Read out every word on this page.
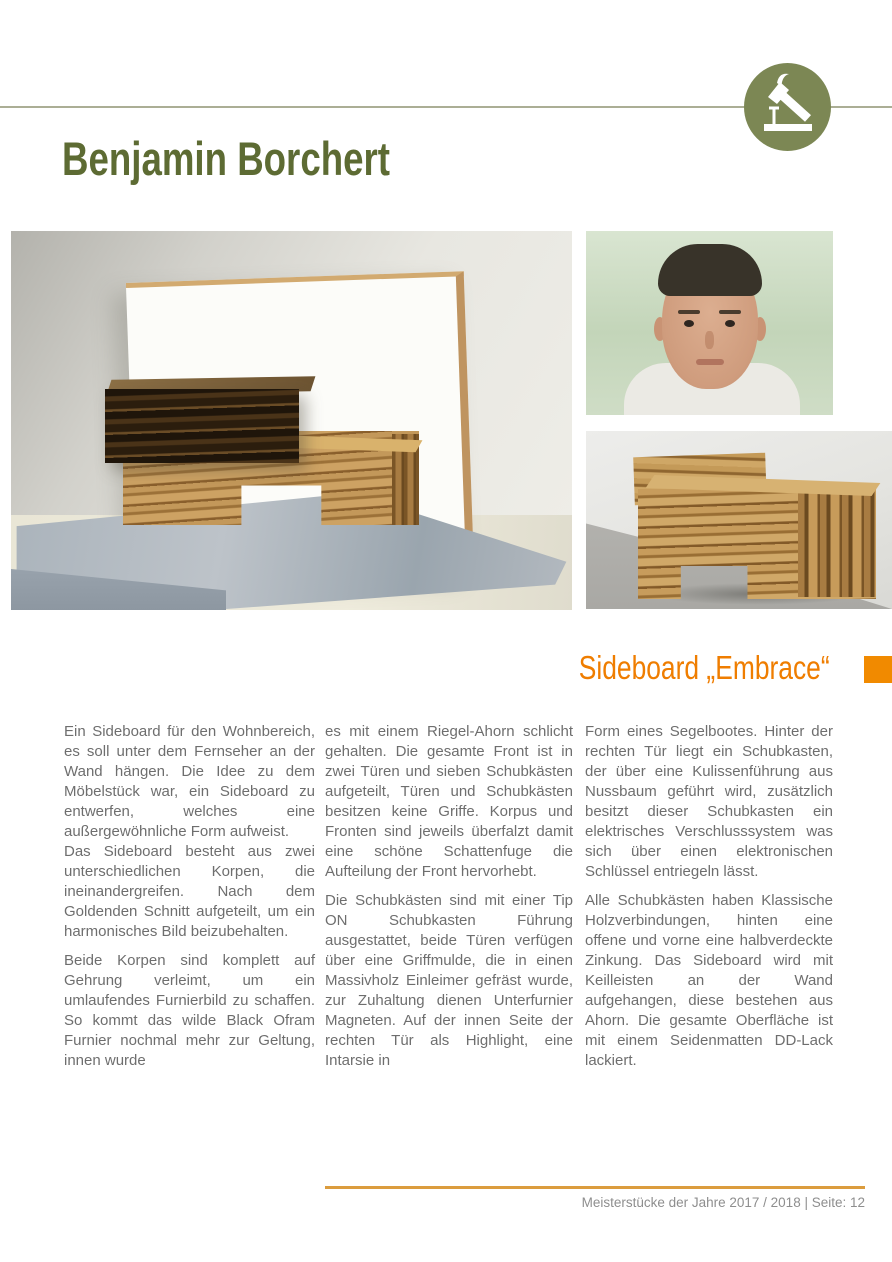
Benjamin Borchert
Sideboard „Embrace“

Ein Sideboard für den Wohnbereich, es soll unter dem Fernseher an der Wand hängen. Die Idee zu dem Möbelstück war, ein Sideboard zu entwerfen, welches eine außergewöhnliche Form aufweist.

Das Sideboard besteht aus zwei unterschiedlichen Korpen, die ineinandergreifen. Nach dem Goldenden Schnitt aufgeteilt, um ein harmonisches Bild beizubehalten.

Beide Korpen sind komplett auf Gehrung verleimt, um ein umlaufendes Furnierbild zu schaffen. So kommt das wilde Black Ofram Furnier nochmal mehr zur Geltung, innen wurde

es mit einem Riegel-Ahorn schlicht gehalten. Die gesamte Front ist in zwei Türen und sieben Schubkästen aufgeteilt, Türen und Schubkästen besitzen keine Griffe. Korpus und Fronten sind jeweils überfalzt damit eine schöne Schattenfuge die Aufteilung der Front hervorhebt.

Die Schubkästen sind mit einer Tip ON Schubkasten Führung ausgestattet, beide Türen verfügen über eine Griffmulde, die in einen Massivholz Einleimer gefräst wurde, zur Zuhaltung dienen Unterfurnier Magneten. Auf der innen Seite der rechten Tür als Highlight, eine Intarsie in

Form eines Segelbootes. Hinter der rechten Tür liegt ein Schubkasten, der über eine Kulissenführung aus Nussbaum geführt wird, zusätzlich besitzt dieser Schubkasten ein elektrisches Verschlusssystem was sich über einen elektronischen Schlüssel entriegeln lässt.

Alle Schubkästen haben Klassische Holzverbindungen, hinten eine offene und vorne eine halbverdeckte Zinkung. Das Sideboard wird mit Keilleisten an der Wand aufgehangen, diese bestehen aus Ahorn. Die gesamte Oberfläche ist mit einem Seidenmatten DD-Lack lackiert.

Meisterstücke der Jahre 2017 / 2018 | Seite: 12
